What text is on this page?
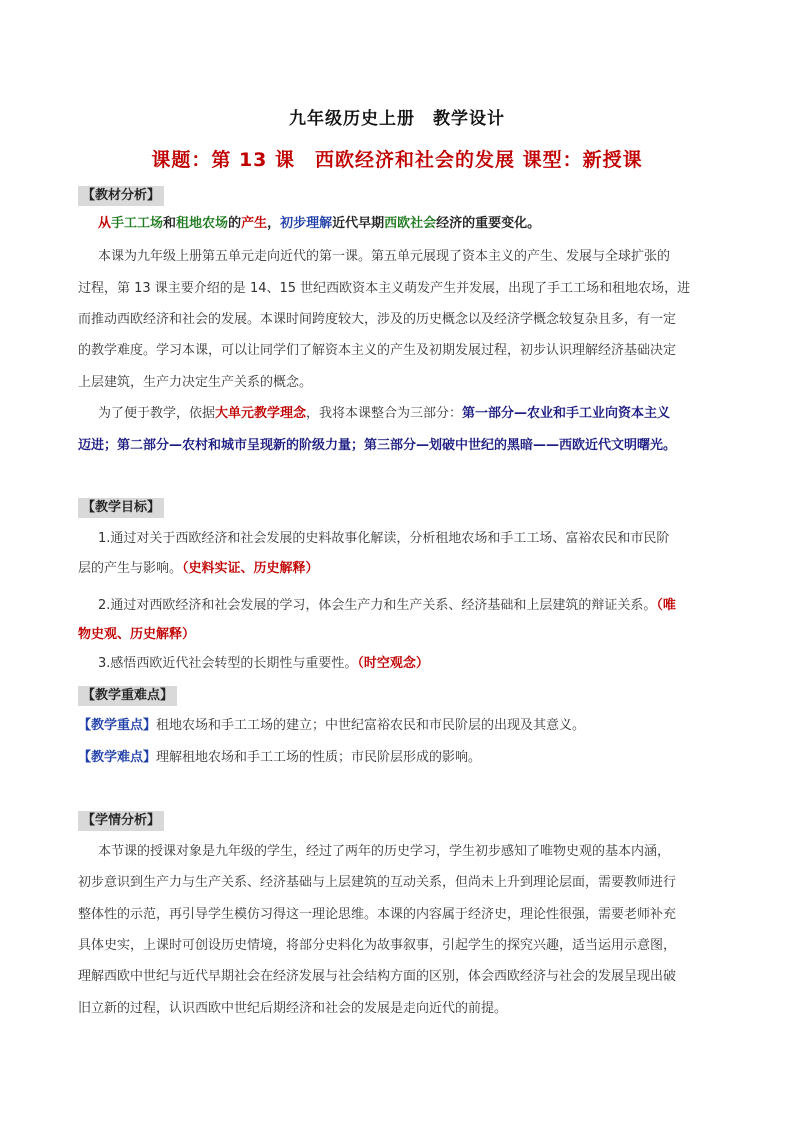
九年级历史上册　教学设计
课题：第 13 课　西欧经济和社会的发展 课型：新授课
【教材分析】
从手工工场和租地农场的产生，初步理解近代早期西欧社会经济的重要变化。
本课为九年级上册第五单元走向近代的第一课。第五单元展现了资本主义的产生、发展与全球扩张的
过程，第 13 课主要介绍的是 14、15 世纪西欧资本主义萌发产生并发展，出现了手工工场和租地农场，进
而推动西欧经济和社会的发展。本课时间跨度较大，涉及的历史概念以及经济学概念较复杂且多，有一定
的教学难度。学习本课，可以让同学们了解资本主义的产生及初期发展过程，初步认识理解经济基础决定
上层建筑，生产力决定生产关系的概念。
为了便于教学，依据大单元教学理念，我将本课整合为三部分：第一部分—农业和手工业向资本主义
迈进；第二部分—农村和城市呈现新的阶级力量；第三部分—划破中世纪的黑暗——西欧近代文明曙光。
【教学目标】
1.通过对关于西欧经济和社会发展的史料故事化解读，分析租地农场和手工工场、富裕农民和市民阶
层的产生与影响。（史料实证、历史解释）
2.通过对西欧经济和社会发展的学习，体会生产力和生产关系、经济基础和上层建筑的辩证关系。（唯
物史观、历史解释）
3.感悟西欧近代社会转型的长期性与重要性。（时空观念）
【教学重难点】
【教学重点】租地农场和手工工场的建立；中世纪富裕农民和市民阶层的出现及其意义。
【教学难点】理解租地农场和手工工场的性质；市民阶层形成的影响。
【学情分析】
本节课的授课对象是九年级的学生，经过了两年的历史学习，学生初步感知了唯物史观的基本内涵，
初步意识到生产力与生产关系、经济基础与上层建筑的互动关系，但尚未上升到理论层面，需要教师进行
整体性的示范，再引导学生模仿习得这一理论思维。本课的内容属于经济史，理论性很强，需要老师补充
具体史实，上课时可创设历史情境，将部分史料化为故事叙事，引起学生的探究兴趣，适当运用示意图，
理解西欧中世纪与近代早期社会在经济发展与社会结构方面的区别，体会西欧经济与社会的发展呈现出破
旧立新的过程，认识西欧中世纪后期经济和社会的发展是走向近代的前提。
